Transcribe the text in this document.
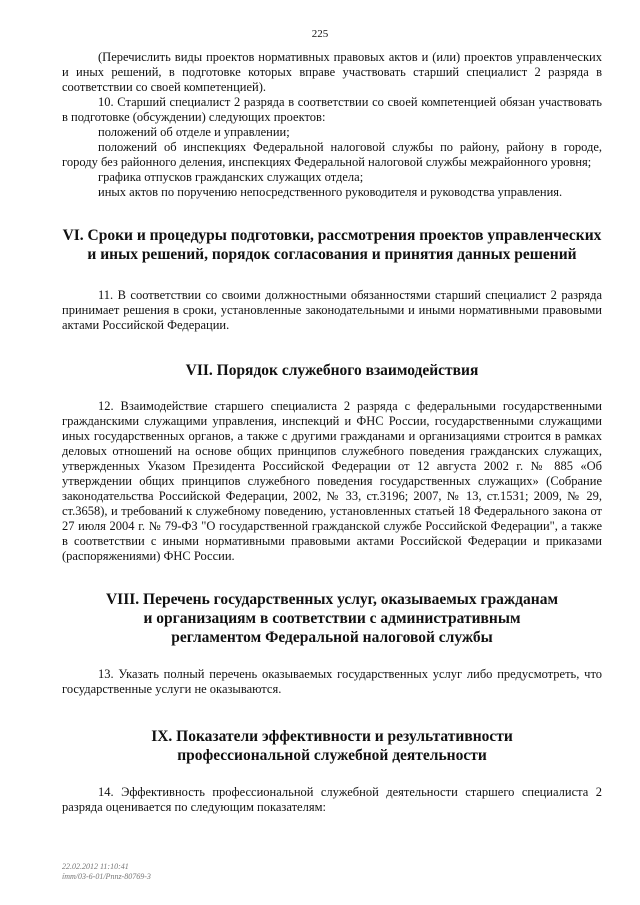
225

(Перечислить виды проектов нормативных правовых актов и (или) проектов управленческих и иных решений, в подготовке которых вправе участвовать старший специалист 2 разряда в соответствии со своей компетенцией).

10. Старший специалист 2 разряда в соответствии со своей компетенцией обязан участвовать в подготовке (обсуждении) следующих проектов:

положений об отделе и управлении;

положений об инспекциях Федеральной налоговой службы по району, району в городе, городу без районного деления, инспекциях Федеральной налоговой службы межрайонного уровня;

графика отпусков гражданских служащих отдела;

иных актов по поручению непосредственного руководителя и руководства управления.

VI. Сроки и процедуры подготовки, рассмотрения проектов управленческих и иных решений, порядок согласования и принятия данных решений

11. В соответствии со своими должностными обязанностями старший специалист 2 разряда принимает решения в сроки, установленные законодательными и иными нормативными правовыми актами Российской Федерации.

VII. Порядок служебного взаимодействия

12. Взаимодействие старшего специалиста 2 разряда с федеральными государственными гражданскими служащими управления, инспекций и ФНС России, государственными служащими иных государственных органов, а также с другими гражданами и организациями строится в рамках деловых отношений на основе общих принципов служебного поведения гражданских служащих, утвержденных Указом Президента Российской Федерации от 12 августа 2002 г. № 885 «Об утверждении общих принципов служебного поведения государственных служащих» (Собрание законодательства Российской Федерации, 2002, № 33, ст.3196; 2007, № 13, ст.1531; 2009, № 29, ст.3658), и требований к служебному поведению, установленных статьей 18 Федерального закона от 27 июля 2004 г. № 79-ФЗ "О государственной гражданской службе Российской Федерации", а также в соответствии с иными нормативными правовыми актами Российской Федерации и приказами (распоряжениями) ФНС России.

VIII. Перечень государственных услуг, оказываемых гражданам и организациям в соответствии с административным регламентом Федеральной налоговой службы

13. Указать полный перечень оказываемых государственных услуг либо предусмотреть, что государственные услуги не оказываются.

IX. Показатели эффективности и результативности профессиональной служебной деятельности

14. Эффективность профессиональной служебной деятельности старшего специалиста 2 разряда оценивается по следующим показателям:

22.02.2012 11:10:41
ímm/03-6-01/Ρnnz-80769-3
